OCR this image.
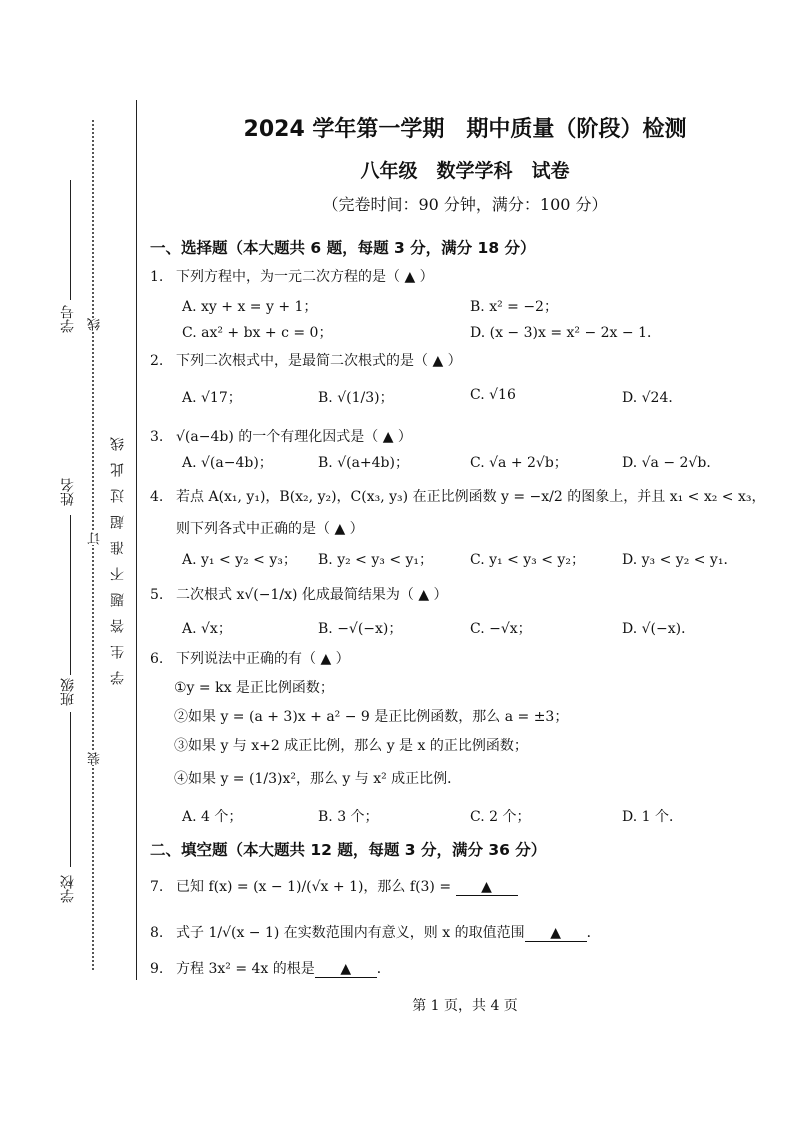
学号
姓名
班级
学校
线
订
装
学生答题不准超过此线
2024 学年第一学期　期中质量（阶段）检测
八年级　数学学科　试卷
（完卷时间：90 分钟，满分：100 分）
一、选择题（本大题共 6 题，每题 3 分，满分 18 分）
1. 下列方程中，为一元二次方程的是（ ▲ ）
A. xy + x = y + 1；	B. x² = −2；
C. ax² + bx + c = 0；	D. (x − 3)x = x² − 2x − 1．
2. 下列二次根式中，是最简二次根式的是（ ▲ ）
A. √17；	B. √(1/3)；	C. √16	D. √24．
3. √(a−4b) 的一个有理化因式是（ ▲ ）
A. √(a−4b)；	B. √(a+4b)；	C. √a + 2√b；	D. √a − 2√b．
4. 若点 A(x₁, y₁)，B(x₂, y₂)，C(x₃, y₃) 在正比例函数 y = −x/2 的图象上，并且 x₁ < x₂ < x₃，
则下列各式中正确的是（ ▲ ）
A. y₁ < y₂ < y₃； B. y₂ < y₃ < y₁；	C. y₁ < y₃ < y₂；	D. y₃ < y₂ < y₁．
5. 二次根式 x√(−1/x) 化成最简结果为（ ▲ ）
A. √x；	B. −√(−x)；	C. −√x；	D. √(−x)．
6. 下列说法中正确的有（ ▲ ）
①y = kx 是正比例函数；
②如果 y = (a + 3)x + a² − 9 是正比例函数，那么 a = ±3；
③如果 y 与 x+2 成正比例，那么 y 是 x 的正比例函数；
④如果 y = (1/3)x²，那么 y 与 x² 成正比例．
A. 4 个；	B. 3 个；	C. 2 个；	D. 1 个．
二、填空题（本大题共 12 题，每题 3 分，满分 36 分）
7. 已知 f(x) = (x − 1)/(√x + 1)，那么 f(3) = ▲
8. 式子 1/√(x − 1) 在实数范围内有意义，则 x 的取值范围 ▲ ．
9. 方程 3x² = 4x 的根是 ▲ ．
第 1 页，共 4 页
